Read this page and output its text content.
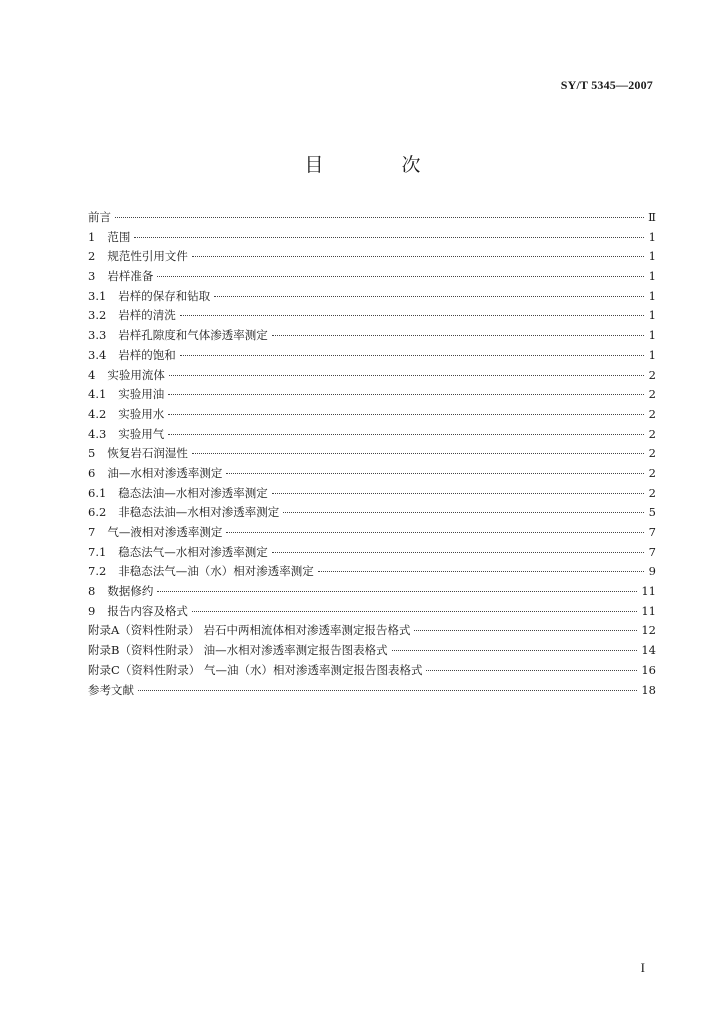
SY/T 5345—2007
目 次
前言	Ⅱ
1 范围	1
2 规范性引用文件	1
3 岩样准备	1
3.1 岩样的保存和钻取	1
3.2 岩样的清洗	1
3.3 岩样孔隙度和气体渗透率测定	1
3.4 岩样的饱和	1
4 实验用流体	2
4.1 实验用油	2
4.2 实验用水	2
4.3 实验用气	2
5 恢复岩石润湿性	2
6 油—水相对渗透率测定	2
6.1 稳态法油—水相对渗透率测定	2
6.2 非稳态法油—水相对渗透率测定	5
7 气—液相对渗透率测定	7
7.1 稳态法气—水相对渗透率测定	7
7.2 非稳态法气—油（水）相对渗透率测定	9
8 数据修约	11
9 报告内容及格式	11
附录A（资料性附录） 岩石中两相流体相对渗透率测定报告格式	12
附录B（资料性附录） 油—水相对渗透率测定报告图表格式	14
附录C（资料性附录） 气—油（水）相对渗透率测定报告图表格式	16
参考文献	18
I
